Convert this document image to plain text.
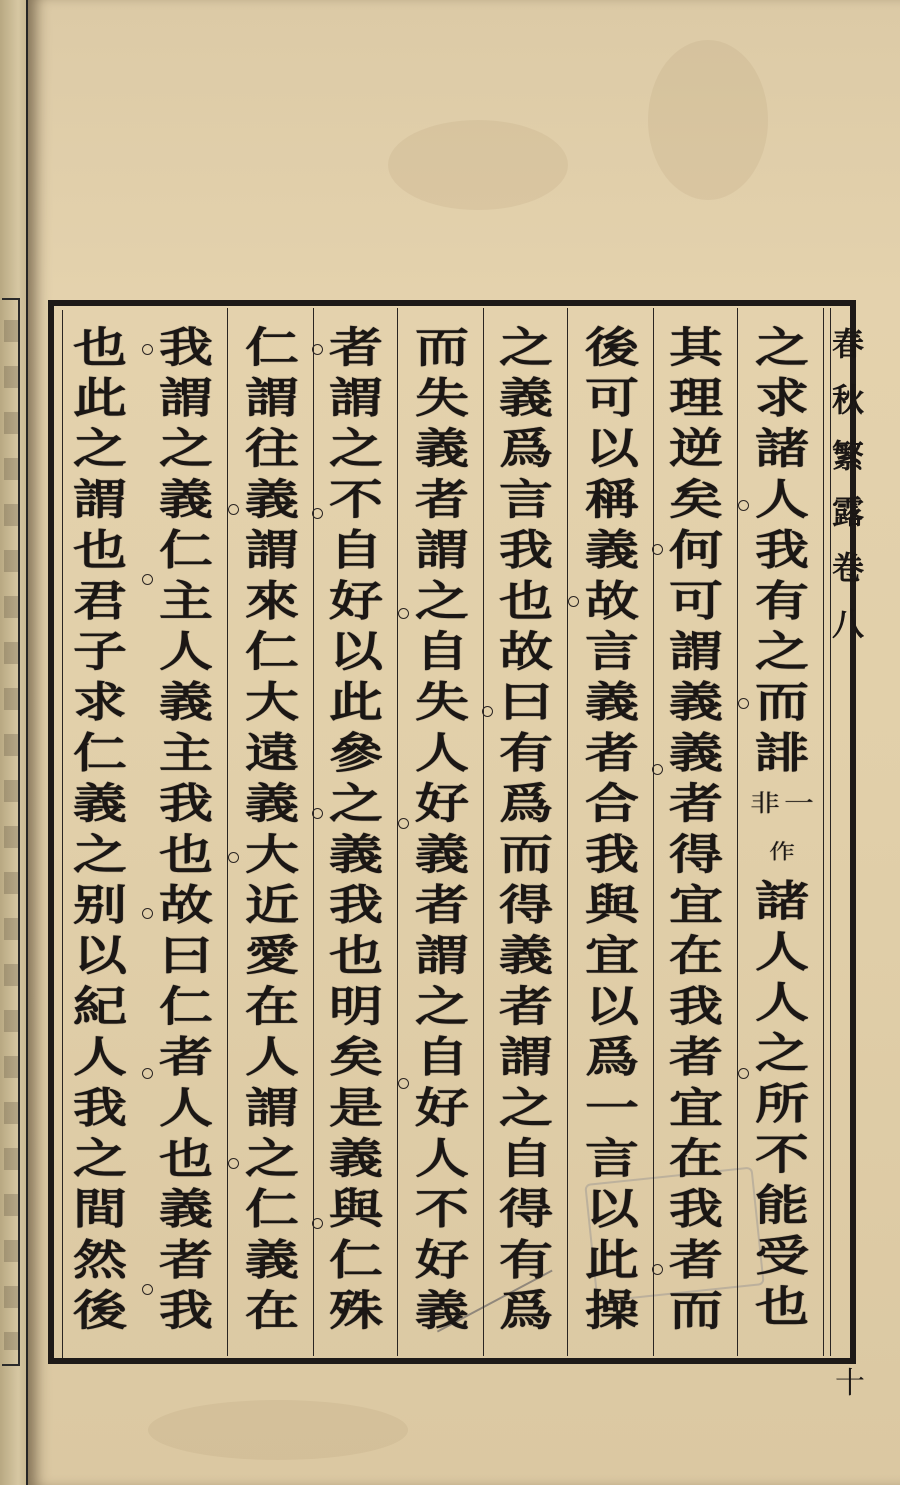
之
求
諸
人
我
有
之
而
誹
非 一
作
諸
人
人
之
所
不
能
受
也
其
理
逆
矣
何
可
謂
義
義
者
得
宜
在
我
者
宜
在
我
者
而
後
可
以
稱
義
故
言
義
者
合
我
與
宜
以
爲
一
言
以
此
操
之
義
爲
言
我
也
故
曰
有
爲
而
得
義
者
謂
之
自
得
有
爲
而
失
義
者
謂
之
自
失
人
好
義
者
謂
之
自
好
人
不
好
義
者
謂
之
不
自
好
以
此
參
之
義
我
也
明
矣
是
義
與
仁
殊
仁
謂
往
義
謂
來
仁
大
遠
義
大
近
愛
在
人
謂
之
仁
義
在
我
謂
之
義
仁
主
人
義
主
我
也
故
曰
仁
者
人
也
義
者
我
也
此
之
謂
也
君
子
求
仁
義
之
别
以
紀
人
我
之
間
然
後
春
秋
繁
露
卷
八
十
